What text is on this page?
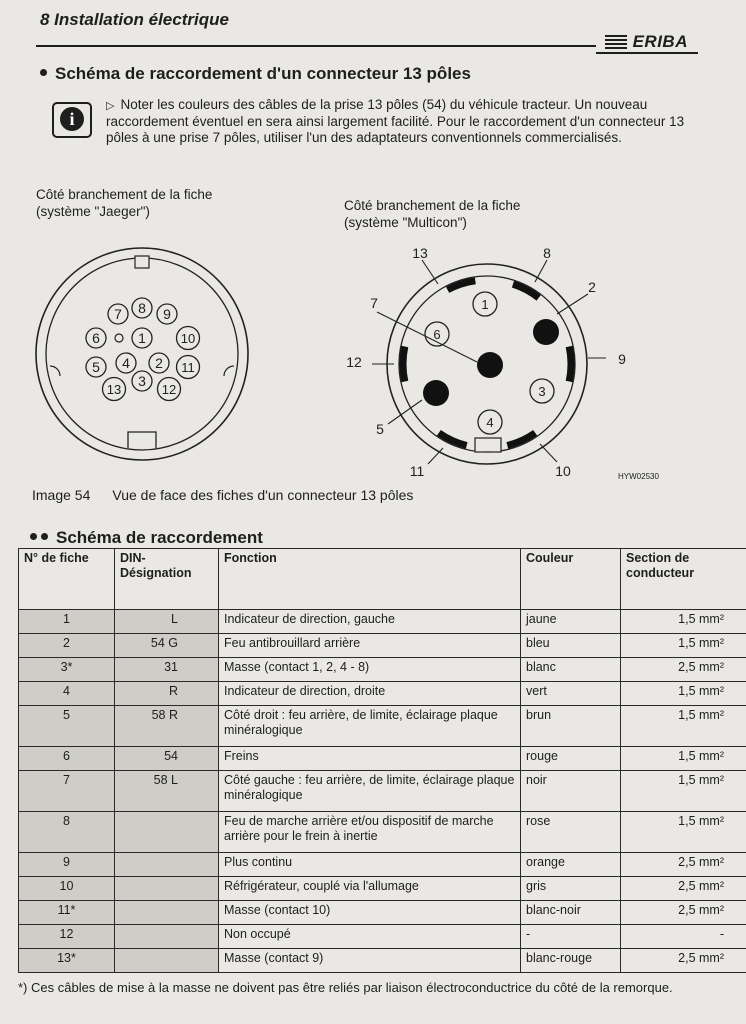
8 Installation électrique
ERIBA
Schéma de raccordement d'un connecteur 13 pôles
i
▷ Noter les couleurs des câbles de la prise 13 pôles (54) du véhicule tracteur. Un nouveau raccordement éventuel en sera ainsi largement facilité. Pour le raccordement d'un connecteur 13 pôles à une prise 7 pôles, utiliser l'un des adaptateurs conventionnels commercialisés.
Côté branchement de la fiche
(système "Jaeger")	Côté branchement de la fiche
(système "Multicon")
1
2
3
4
5
6
7 8 9
10
11
12
13
1
3
4
6
13	8
2
7
12	9
5
11	10	HYW02530
Image 54 Vue de face des fiches d'un connecteur 13 pôles
Schéma de raccordement
N° de fiche	DIN-Désignation	Fonction	Couleur	Section de conducteur
1	L	Indicateur de direction, gauche	jaune	1,5 mm²
2	54 G	Feu antibrouillard arrière	bleu	1,5 mm²
3*	31	Masse (contact 1, 2, 4 - 8)	blanc	2,5 mm²
4	R	Indicateur de direction, droite	vert	1,5 mm²
5	58 R	Côté droit : feu arrière, de limite, éclairage plaque minéralogique	brun	1,5 mm²
6	54	Freins	rouge	1,5 mm²
7	58 L	Côté gauche : feu arrière, de limite, éclairage plaque minéralogique	noir	1,5 mm²
8		Feu de marche arrière et/ou dispositif de marche arrière pour le frein à inertie	rose	1,5 mm²
9		Plus continu	orange	2,5 mm²
10		Réfrigérateur, couplé via l'allumage	gris	2,5 mm²
11*		Masse (contact 10)	blanc-noir	2,5 mm²
12		Non occupé	-	-
13*		Masse (contact 9)	blanc-rouge	2,5 mm²
*) Ces câbles de mise à la masse ne doivent pas être reliés par liaison électroconductrice du côté de la remorque.
